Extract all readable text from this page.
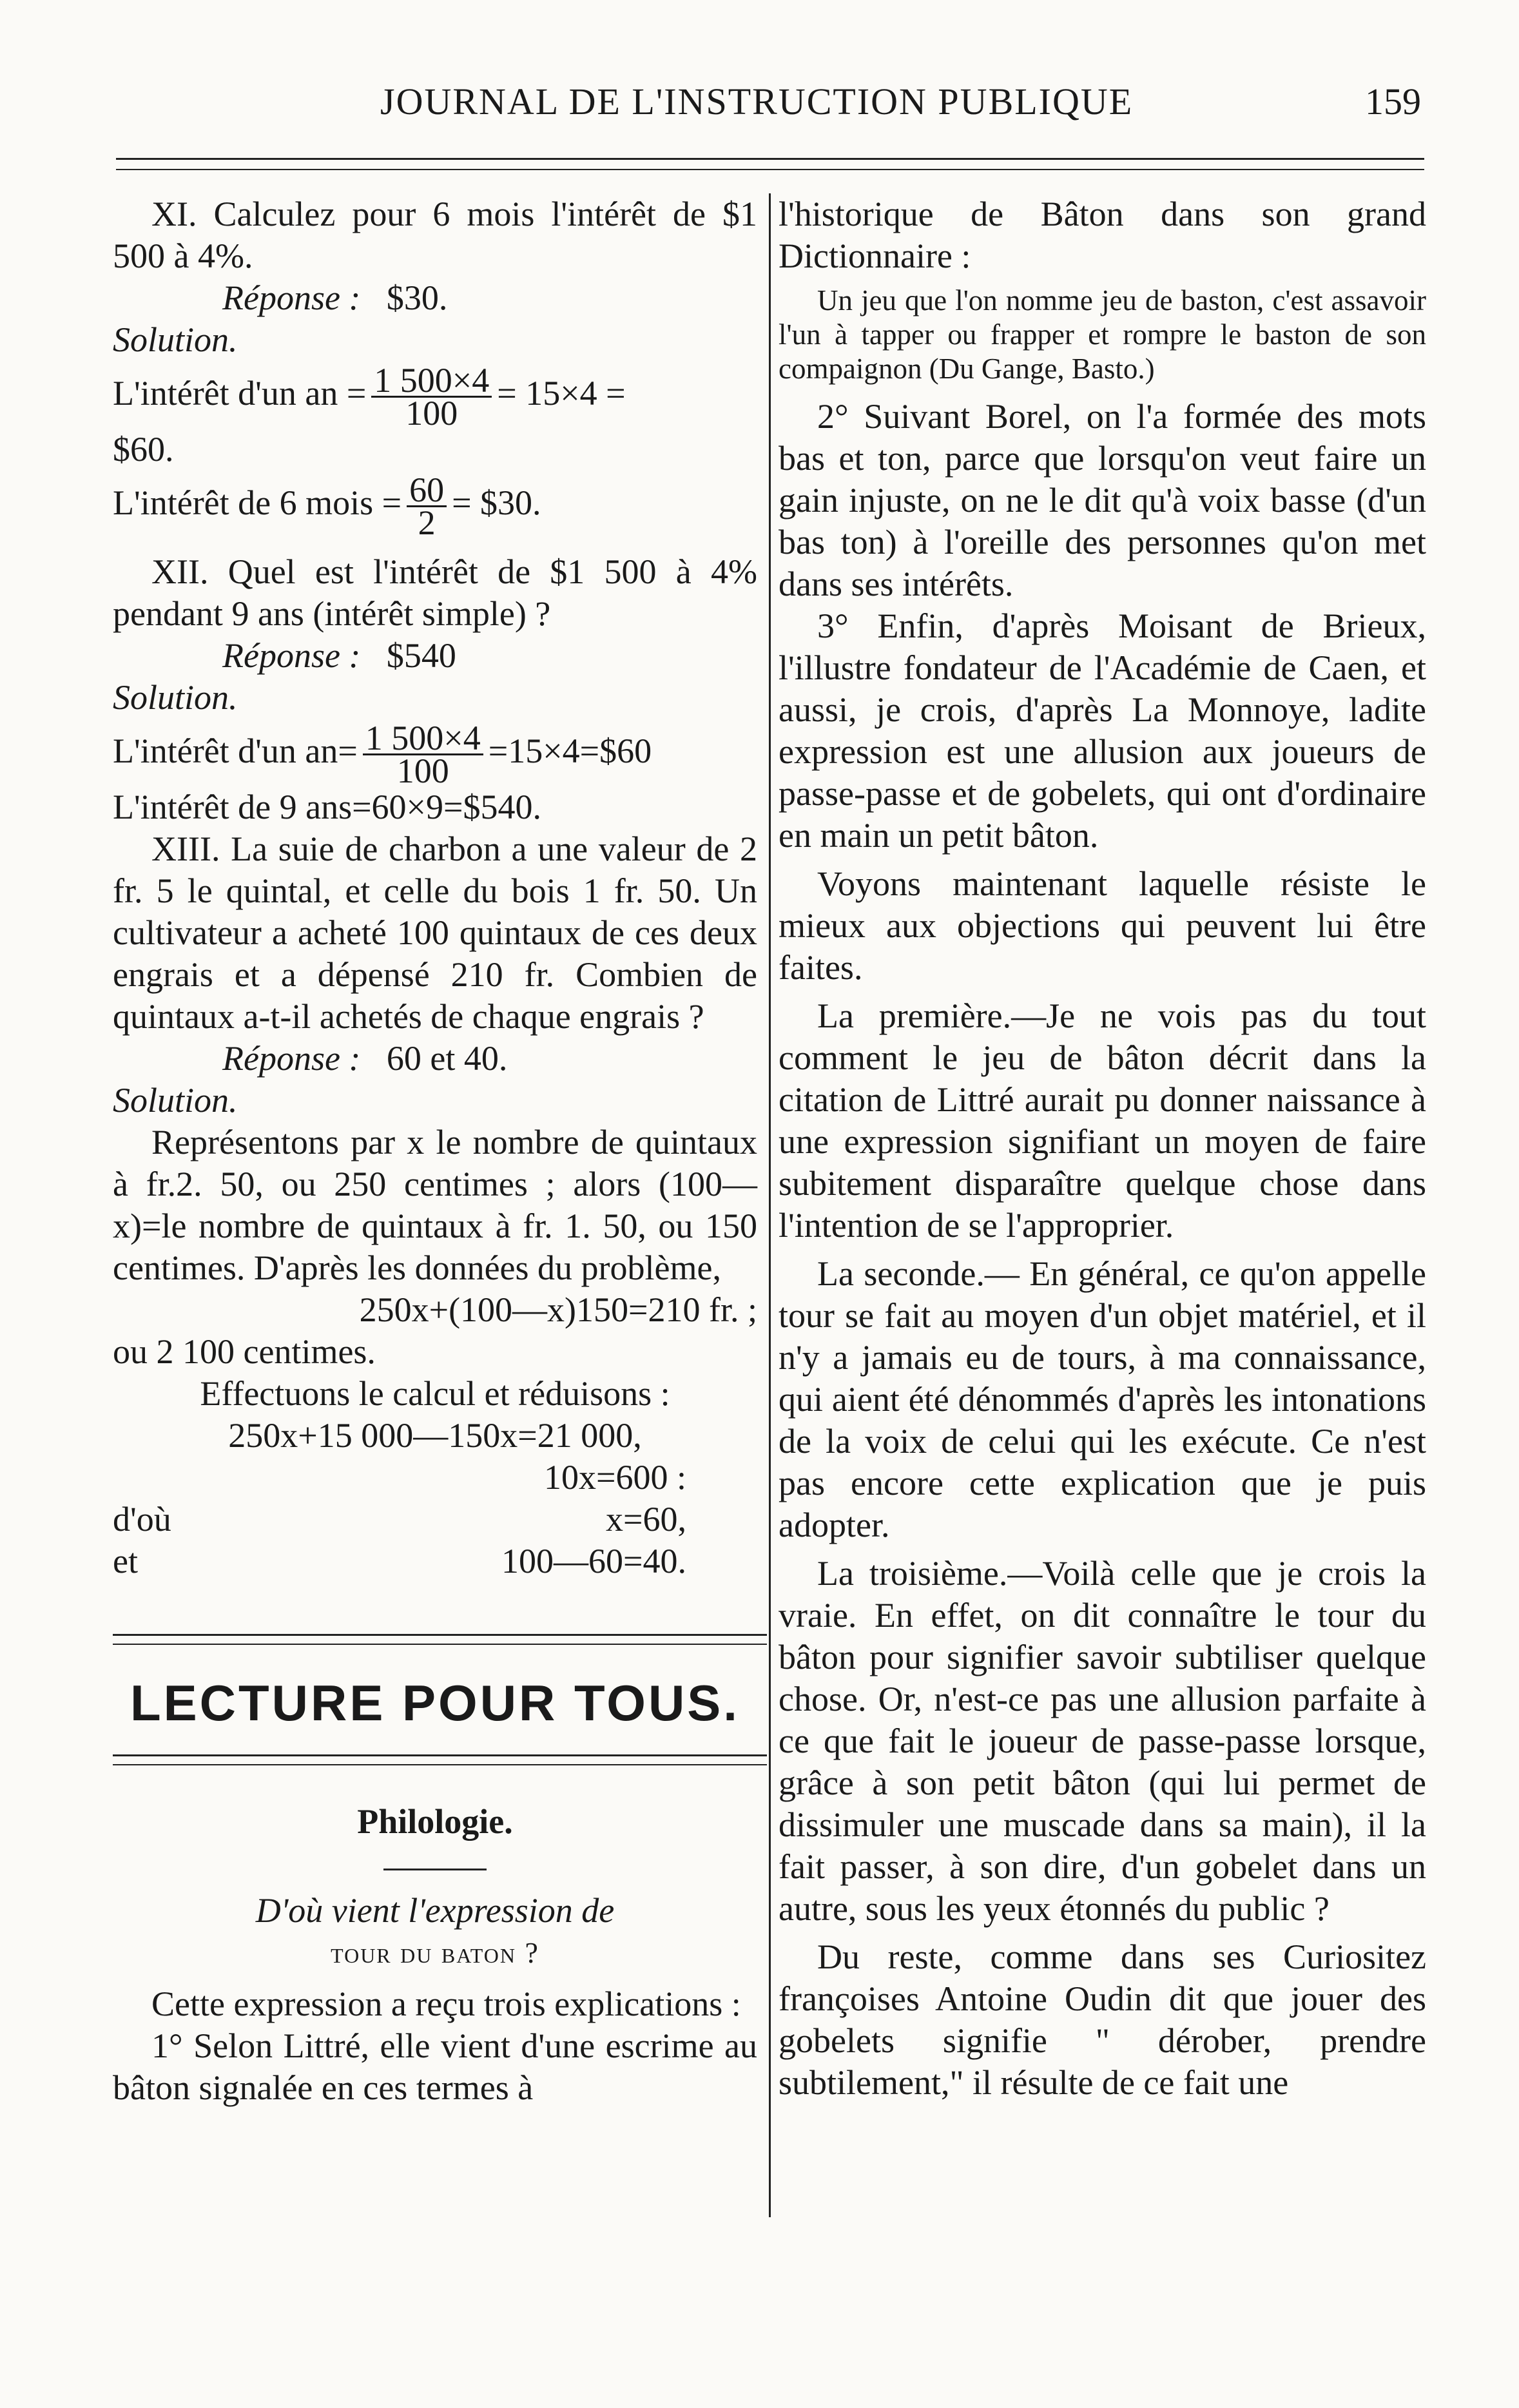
JOURNAL DE L'INSTRUCTION PUBLIQUE	159

XI. Calculez pour 6 mois l'intérêt de $1 500 à 4%.

Réponse : $30.

Solution.

L'intérêt d'un an = $\frac{1 500\times 4}{100} = 15\times 4$ =

$60.

L'intérêt de 6 mois = $\frac{60}{2}$ = $30.

XII. Quel est l'intérêt de $1 500 à 4% pendant 9 ans (intérêt simple) ?

Réponse : $540

Solution.

L'intérêt d'un $an= \frac{1 500\times 4}{100}$ =15×4=$60

L'intérêt de 9 ans=60×9=$540.

XIII. La suie de charbon a une valeur de 2 fr. 5 le quintal, et celle du bois 1 fr. 50. Un cultivateur a acheté 100 quintaux de ces deux engrais et a dépensé 210 fr. Combien de quintaux a-t-il achetés de chaque engrais ?

Réponse : 60 et 40.

Solution.

Représentons par x le nombre de quintaux à fr.2. 50, ou 250 centimes ; alors (100—x)=le nombre de quintaux à fr. 1. 50, ou 150 centimes. D'après les données du problème,

250x+(100—x)150=210 fr. ;

ou 2 100 centimes.

Effectuons le calcul et réduisons :

250x+15 000—150x=21 000,

10x=600 :

d'où	x=60,

et	100—60=40.

LECTURE POUR TOUS.
Philologie.

D'où vient l'expression de

tour du baton ?

Cette expression a reçu trois explications :

1° Selon Littré, elle vient d'une escrime au bâton signalée en ces termes à

l'historique de Bâton dans son grand Dictionnaire :

Un jeu que l'on nomme jeu de baston, c'est assavoir l'un à tapper ou frapper et rompre le baston de son compaignon (Du Gange, Basto.)

2° Suivant Borel, on l'a formée des mots bas et ton, parce que lorsqu'on veut faire un gain injuste, on ne le dit qu'à voix basse (d'un bas ton) à l'oreille des personnes qu'on met dans ses intérêts.

3° Enfin, d'après Moisant de Brieux, l'illustre fondateur de l'Académie de Caen, et aussi, je crois, d'après La Monnoye, ladite expression est une allusion aux joueurs de passe-passe et de gobelets, qui ont d'ordinaire en main un petit bâton.

Voyons maintenant laquelle résiste le mieux aux objections qui peuvent lui être faites.

La première.—Je ne vois pas du tout comment le jeu de bâton décrit dans la citation de Littré aurait pu donner naissance à une expression signifiant un moyen de faire subitement disparaître quelque chose dans l'intention de se l'approprier.

La seconde.— En général, ce qu'on appelle tour se fait au moyen d'un objet matériel, et il n'y a jamais eu de tours, à ma connaissance, qui aient été dénommés d'après les intonations de la voix de celui qui les exécute. Ce n'est pas encore cette explication que je puis adopter.

La troisième.—Voilà celle que je crois la vraie. En effet, on dit connaître le tour du bâton pour signifier savoir subtiliser quelque chose. Or, n'est-ce pas une allusion parfaite à ce que fait le joueur de passe-passe lorsque, grâce à son petit bâton (qui lui permet de dissimuler une muscade dans sa main), il la fait passer, à son dire, d'un gobelet dans un autre, sous les yeux étonnés du public ?

Du reste, comme dans ses Curiositez françoises Antoine Oudin dit que jouer des gobelets signifie " dérober, prendre subtilement," il résulte de ce fait une
